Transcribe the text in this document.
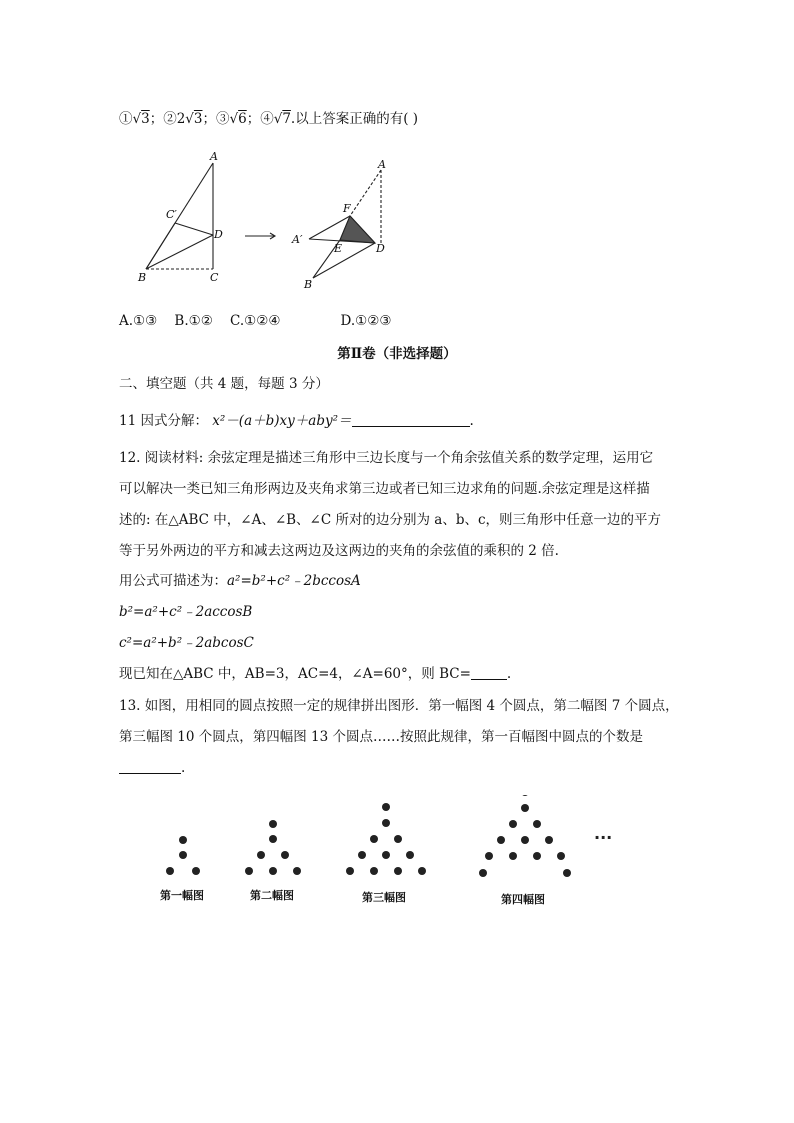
①√3；②2√3；③√6；④√7.以上答案正确的有( )
A
B	C
C′
D
A
A′
E
F
D
B
A.①③    B.①②    C.①②④              D.①②③
第Ⅱ卷（非选择题）
二、填空题（共 4 题，每题 3 分）
11 因式分解： x²－(a＋b)xy＋aby²＝	.
12. 阅读材料: 余弦定理是描述三角形中三边长度与一个角余弦值关系的数学定理，运用它
可以解决一类已知三角形两边及夹角求第三边或者已知三边求角的问题.余弦定理是这样描
述的: 在△ABC 中，∠A、∠B、∠C 所对的边分别为 a、b、c，则三角形中任意一边的平方
等于另外两边的平方和减去这两边及这两边的夹角的余弦值的乘积的 2 倍.
用公式可描述为：a²=b²+c²﹣2bccosA
b²=a²+c²﹣2accosB
c²=a²+b²﹣2abcosC
现已知在△ABC 中，AB=3，AC=4，∠A=60°，则 BC=	.
13. 如图，用相同的圆点按照一定的规律拼出图形．第一幅图 4 个圆点，第二幅图 7 个圆点，
第三幅图 10 个圆点，第四幅图 13 个圆点……按照此规律，第一百幅图中圆点的个数是
.
···
第一幅图	第二幅图	第三幅图	第四幅图
